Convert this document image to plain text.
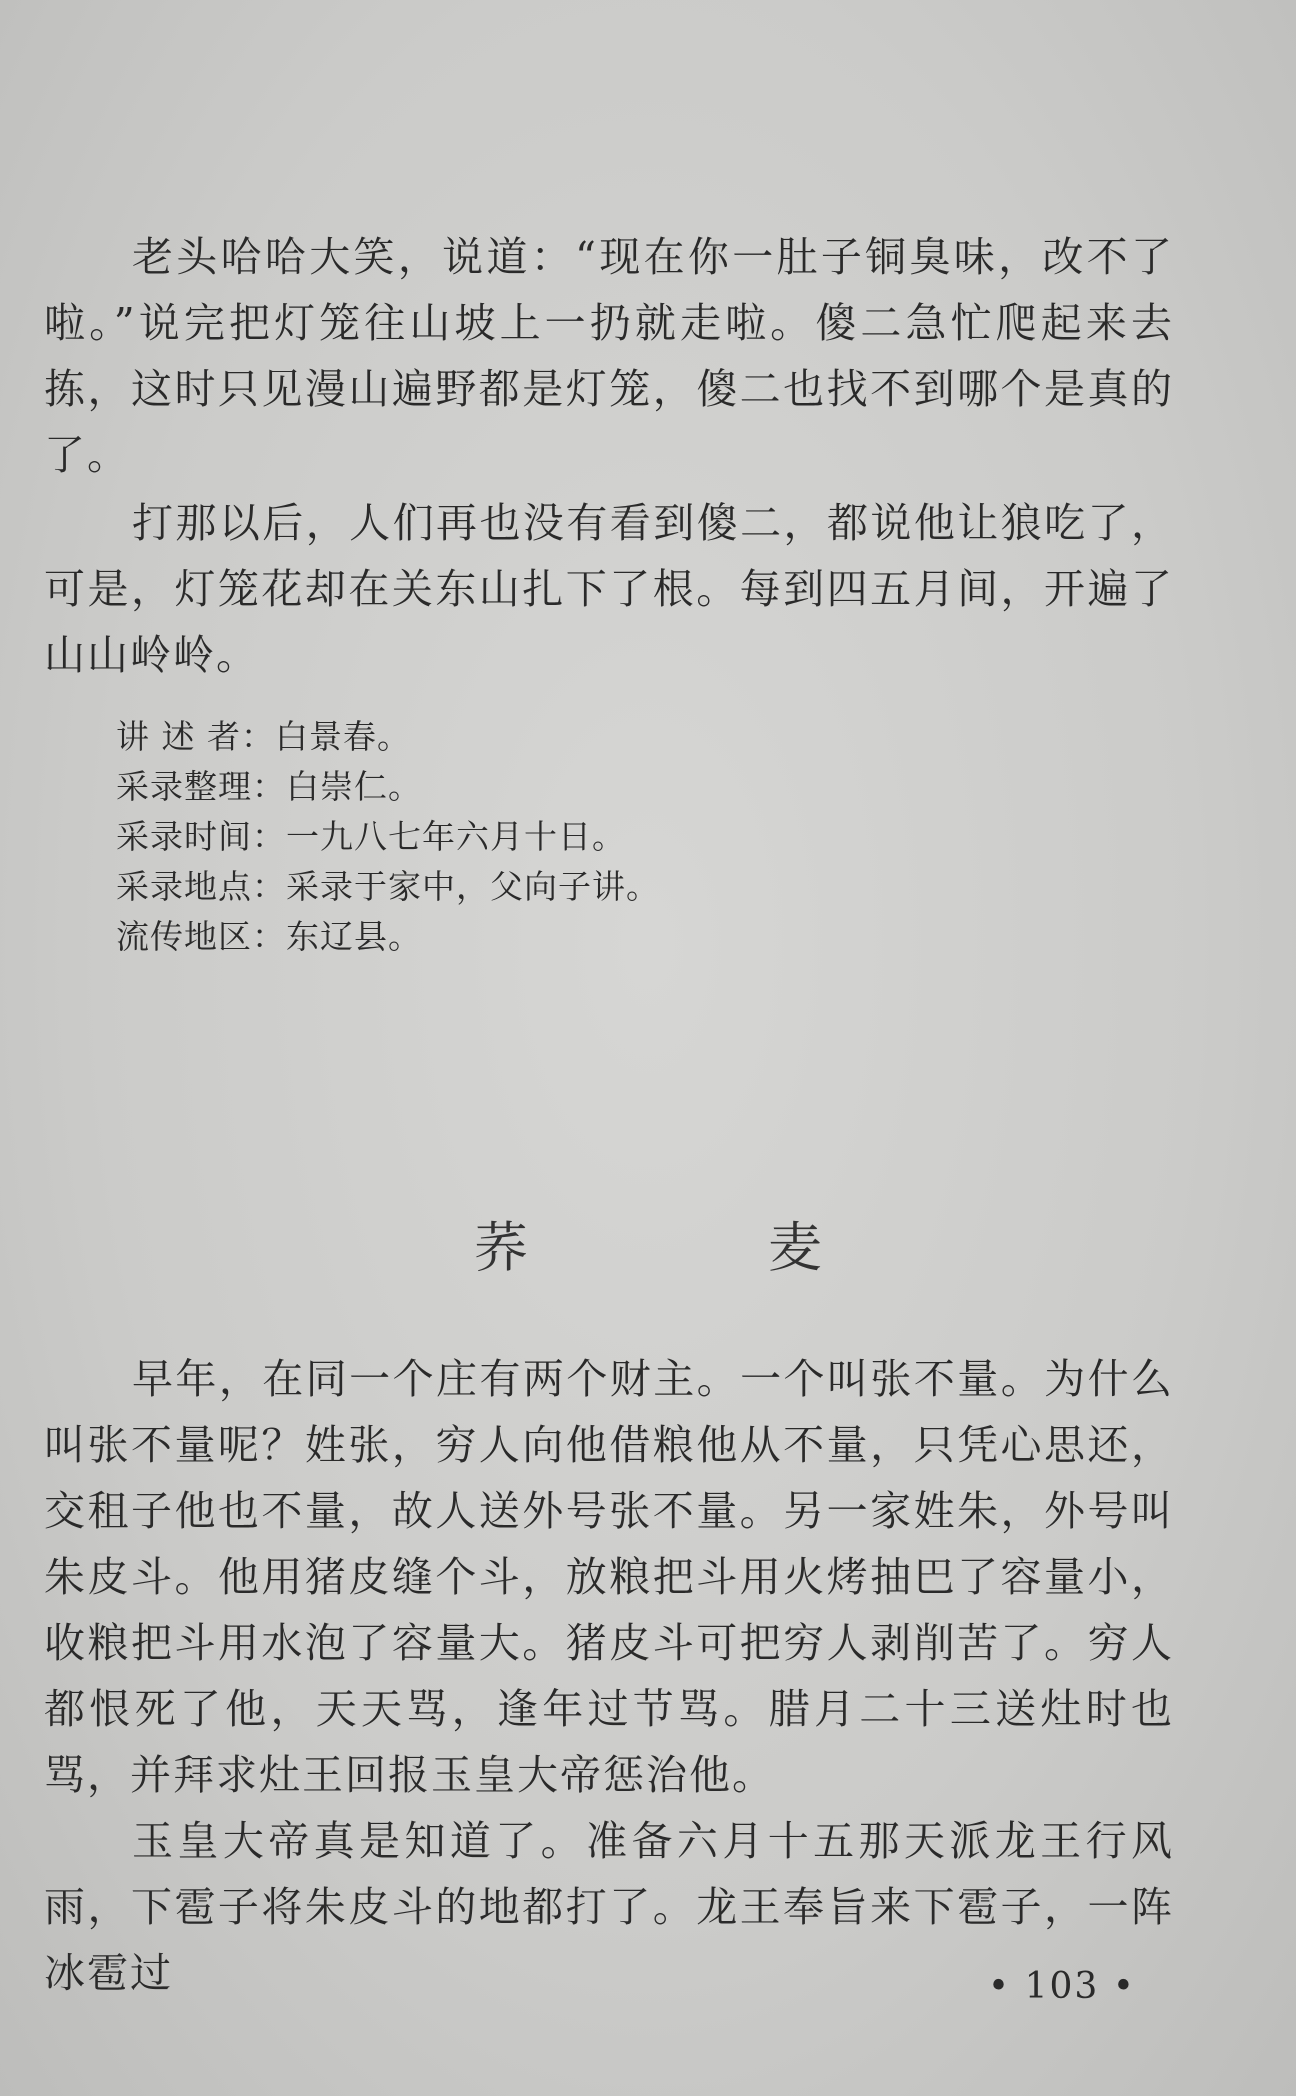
老头哈哈大笑，说道：“现在你一肚子铜臭味，改不了啦。”说完把灯笼往山坡上一扔就走啦。傻二急忙爬起来去拣，这时只见漫山遍野都是灯笼，傻二也找不到哪个是真的了。

打那以后，人们再也没有看到傻二，都说他让狼吃了，可是，灯笼花却在关东山扎下了根。每到四五月间，开遍了山山岭岭。

讲 述 者：白景春。
采录整理：白崇仁。
采录时间：一九八七年六月十日。
采录地点：采录于家中，父向子讲。
流传地区：东辽县。
荞麦

早年，在同一个庄有两个财主。一个叫张不量。为什么叫张不量呢？姓张，穷人向他借粮他从不量，只凭心思还，交租子他也不量，故人送外号张不量。另一家姓朱，外号叫朱皮斗。他用猪皮缝个斗，放粮把斗用火烤抽巴了容量小，收粮把斗用水泡了容量大。猪皮斗可把穷人剥削苦了。穷人都恨死了他，天天骂，逢年过节骂。腊月二十三送灶时也骂，并拜求灶王回报玉皇大帝惩治他。

玉皇大帝真是知道了。准备六月十五那天派龙王行风雨，下雹子将朱皮斗的地都打了。龙王奉旨来下雹子，一阵冰雹过	• 103 •
